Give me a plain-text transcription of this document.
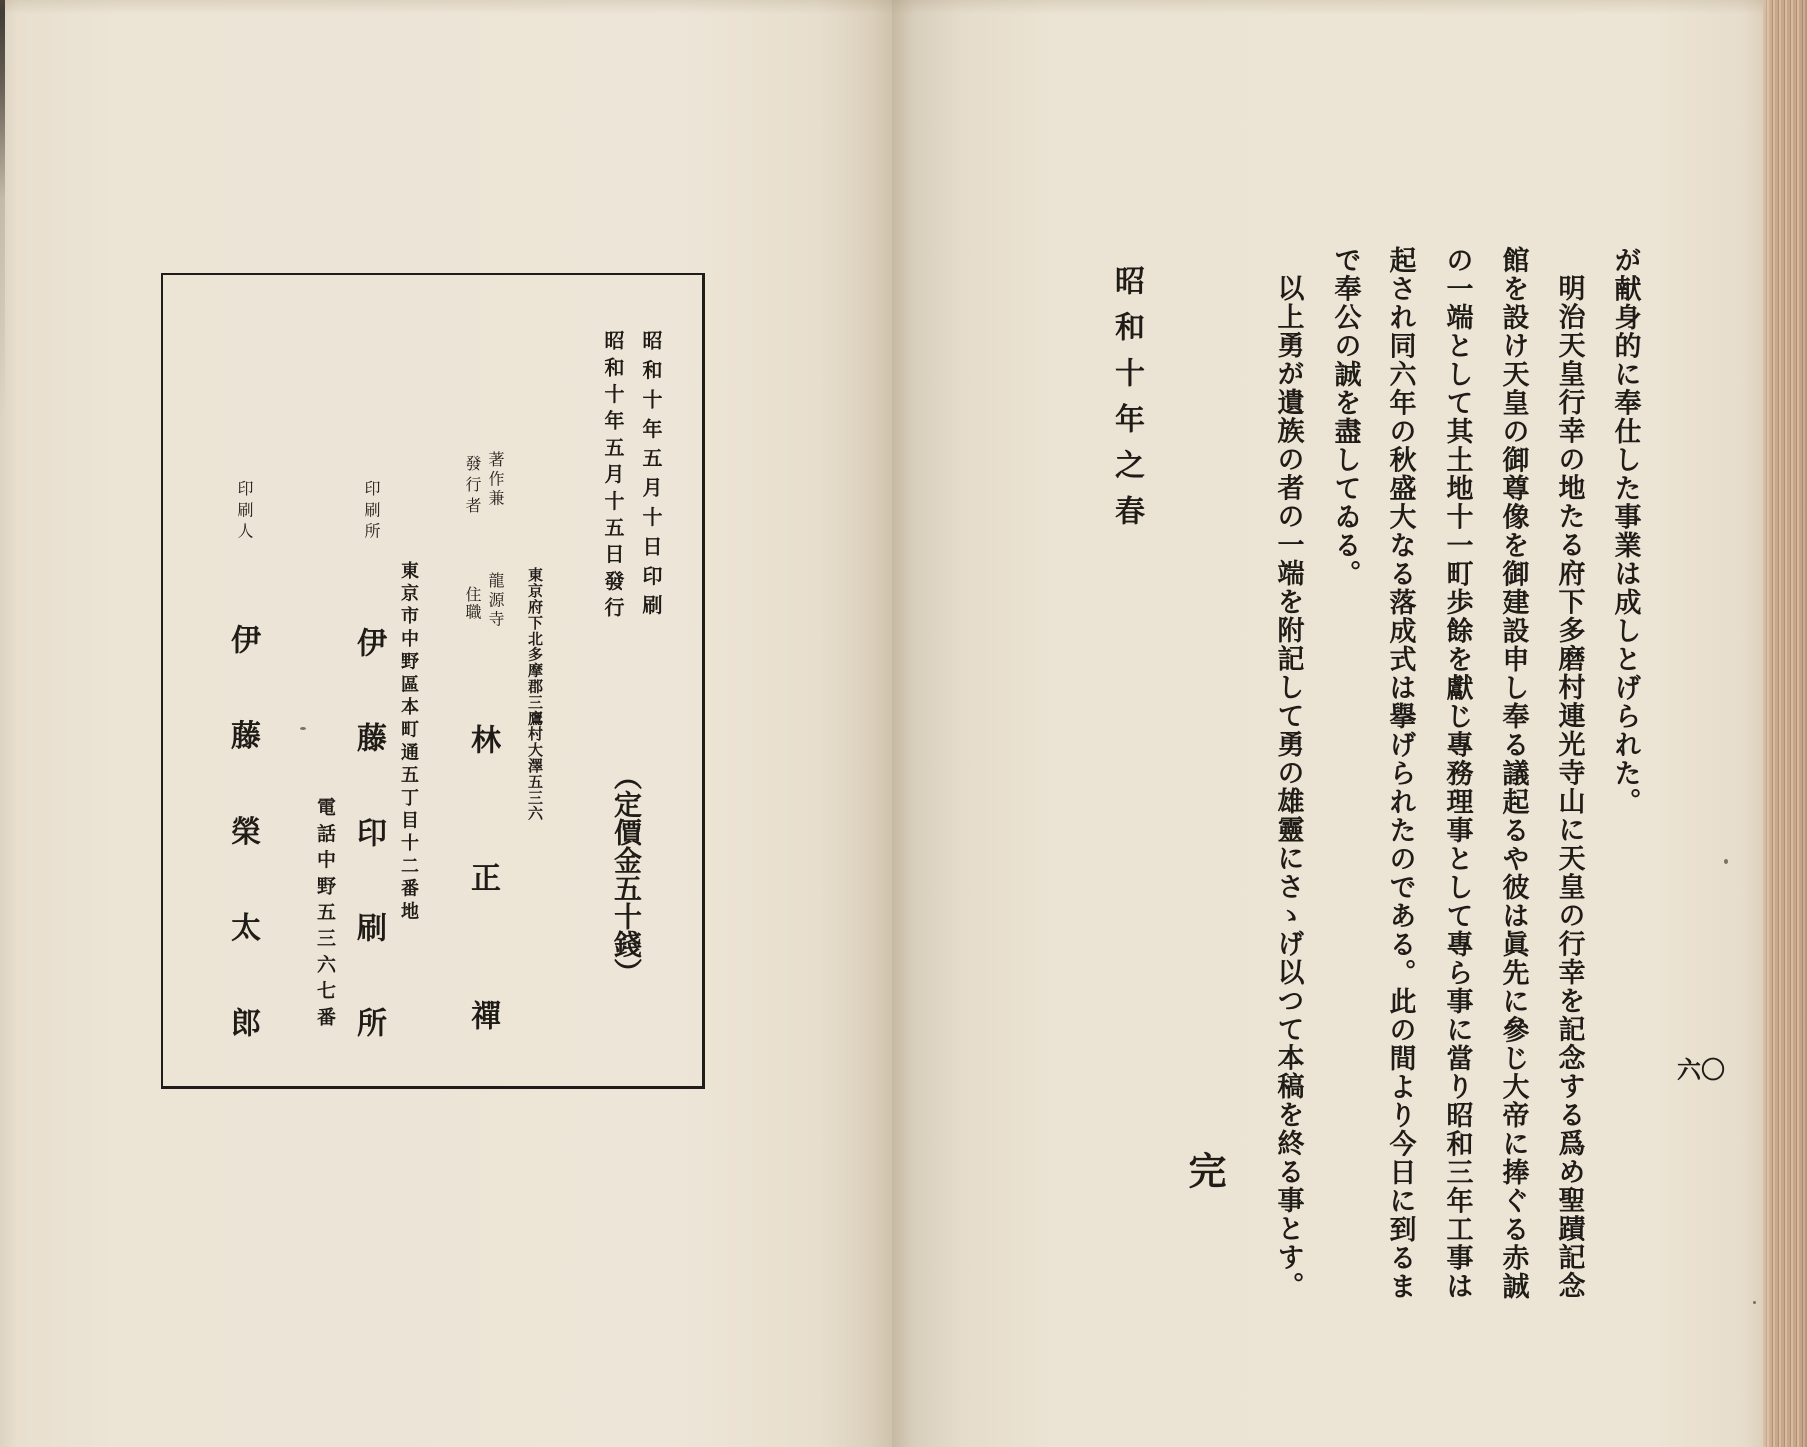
昭和十年五月十日印刷
昭和十年五月十五日發行
（定價金五十錢）
東京府下北多摩郡三鷹村大澤五三六
著作兼
發行者
龍源寺
住職
林正禪
東京市中野區本町通五丁目十二番地
印刷所
伊藤印刷所
電話中野五三六七番
印刷人
伊藤榮太郎
が献身的に奉仕した事業は成しとげられた。
明治天皇行幸の地たる府下多磨村連光寺山に天皇の行幸を記念する爲め聖蹟記念
館を設け天皇の御尊像を御建設申し奉る議起るや彼は眞先に參じ大帝に捧ぐる赤誠
の一端として其土地十一町歩餘を獻じ專務理事として專ら事に當り昭和三年工事は
起され同六年の秋盛大なる落成式は擧げられたのである。此の間より今日に到るま
で奉公の誠を盡してゐる。
以上勇が遺族の者の一端を附記して勇の雄靈にさゝげ以つて本稿を終る事とす。
完
昭和十年之春
六〇
